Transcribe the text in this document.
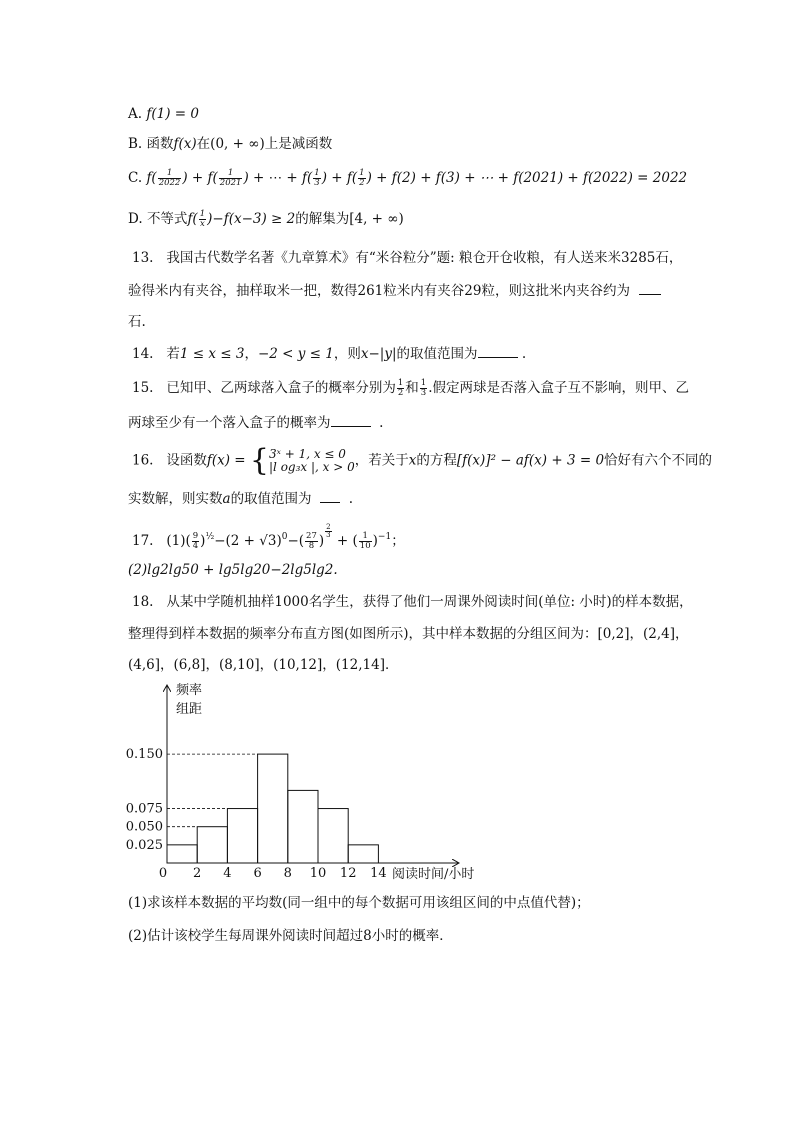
A. f(1) = 0
B. 函数f(x)在(0, + ∞)上是减函数
C. $f( \frac{1}{2022}$ ) + $f( \frac{1}{2021}$ ) + ⋯ + $f( \frac{1}{3}$ ) + $f( \frac{1}{2}$ ) + f(2) + f(3) + ⋯ + f(2021) + f(2022) = 2022
D. 不等式$f( \frac{1}{x} )-f(x-3) \ge 2$的解集为[4, + ∞)
13. 我国古代数学名著《九章算术》有“米谷粒分”题: 粮仓开仓收粮，有人送来米3285石，
验得米内有夹谷，抽样取米一把，数得261粒米内有夹谷29粒，则这批米内夹谷约为
石.
14. 若1 ≤ x ≤ 3，−2 < y ≤ 1，则x−|y|的取值范围为	.
15. 已知甲、乙两球落入盒子的概率分别为 $\frac{1}{2}$ 和 $\frac{1}{3}$ .假定两球是否落入盒子互不影响，则甲、乙
两球至少有一个落入盒子的概率为	.
16. 设函数f(x) = { 3ˣ + 1, x ≤ 0
|l og₃x |, x > 0 ，若关于x的方程[f(x)]² − af(x) + 3 = 0恰好有六个不同的
实数解，则实数a的取值范围为	.
17. $(1)( \frac{9}{4} )^{\frac{1}{2}}-(2 + √3)^0-( \frac{27}{8}$ )
$\frac{2}{3}$
+ ( $\frac{1}{10} )^{-1}$；
(2)lg2lg50 + lg5lg20−2lg5lg2.
18. 从某中学随机抽样1000名学生，获得了他们一周课外阅读时间(单位: 小时)的样本数据，
整理得到样本数据的频率分布直方图(如图所示)，其中样本数据的分组区间为：[0,2]，(2,4]，
(4,6]，(6,8]，(8,10]，(10,12]，(12,14]．
频率
组距
阅读时间/小时
0.025
0.050
0.075
0.150
0 2 4 6 8 10 12 14
(1)求该样本数据的平均数(同一组中的每个数据可用该组区间的中点值代替)；
(2)估计该校学生每周课外阅读时间超过8小时的概率．
